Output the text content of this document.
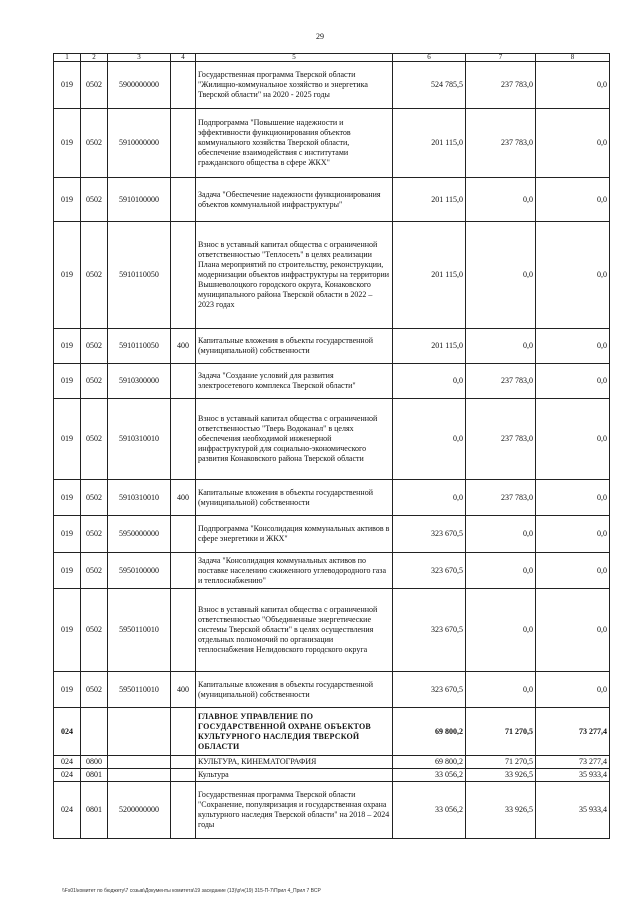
29
1	2	3	4	5	6	7	8
019	0502	5900000000		Государственная программа Тверской области "Жилищно-коммунальное хозяйство и энергетика Тверской области" на 2020 - 2025 годы	524 785,5	237 783,0	0,0
019	0502	5910000000		Подпрограмма "Повышение надежности и эффективности функционирования объектов коммунального хозяйства Тверской области, обеспечение взаимодействия с институтами гражданского общества в сфере ЖКХ"	201 115,0	237 783,0	0,0
019	0502	5910100000		Задача "Обеспечение надежности функционирования объектов коммунальной инфраструктуры"	201 115,0	0,0	0,0
019	0502	5910110050		Взнос в уставный капитал общества с ограниченной ответственностью "Теплосеть" в целях реализации Плана мероприятий по строительству, реконструкции, модернизации объектов инфраструктуры на территории Вышневолоцкого городского округа, Конаковского муниципального района Тверской области в 2022 – 2023 годах	201 115,0	0,0	0,0
019	0502	5910110050	400	Капитальные вложения в объекты государственной (муниципальной) собственности	201 115,0	0,0	0,0
019	0502	5910300000		Задача "Создание условий для развития электросетевого комплекса Тверской области"	0,0	237 783,0	0,0
019	0502	5910310010		Взнос в уставный капитал общества с ограниченной ответственностью "Тверь Водоканал" в целях обеспечения необходимой инженерной инфраструктурой для социально-экономического развития Конаковского района Тверской области	0,0	237 783,0	0,0
019	0502	5910310010	400	Капитальные вложения в объекты государственной (муниципальной) собственности	0,0	237 783,0	0,0
019	0502	5950000000		Подпрограмма "Консолидация коммунальных активов в сфере энергетики и ЖКХ"	323 670,5	0,0	0,0
019	0502	5950100000		Задача "Консолидация коммунальных активов по поставке населению сжиженного углеводородного газа и теплоснабжению"	323 670,5	0,0	0,0
019	0502	5950110010		Взнос в уставный капитал общества с ограниченной ответственностью "Объединенные энергетические системы Тверской области" в целях осуществления отдельных полномочий по организации теплоснабжения Нелидовского городского округа	323 670,5	0,0	0,0
019	0502	5950110010	400	Капитальные вложения в объекты государственной (муниципальной) собственности	323 670,5	0,0	0,0
024				ГЛАВНОЕ УПРАВЛЕНИЕ ПО ГОСУДАРСТВЕННОЙ ОХРАНЕ ОБЪЕКТОВ КУЛЬТУРНОГО НАСЛЕДИЯ ТВЕРСКОЙ ОБЛАСТИ	69 800,2	71 270,5	73 277,4
024	0800			КУЛЬТУРА, КИНЕМАТОГРАФИЯ	69 800,2	71 270,5	73 277,4
024	0801			Культура	33 056,2	33 926,5	35 933,4
024	0801	5200000000		Государственная программа Тверской области "Сохранение, популяризация и государственная охрана культурного наследия Тверской области" на 2018 – 2024 годы	33 056,2	33 926,5	35 933,4
\\Fs01\комитет по бюджету\7 созыв\Документы комитета\19 заседание (13)\p\ч(19) 315-П-7\Прил 4_Прил 7 ВСР
